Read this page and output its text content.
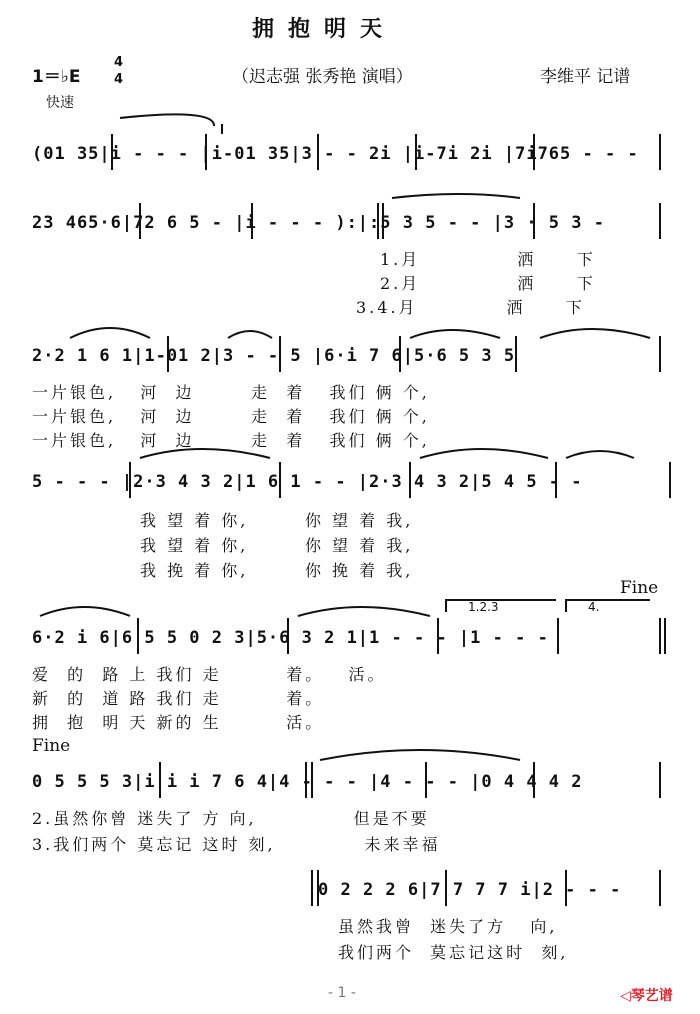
拥抱明天
1＝♭E
4
4	（迟志强 张秀艳 演唱）	李维平 记谱
快速
(01 35|i - - - |i-01 35|3 - - 2i |i-7i 2i |7i765 - - -
23 465·6|72 6 5 - |i - - - ):|:5 3 5 - - |3 · 5 3 -
1.月            洒     下
2.月            洒     下
3.4.月           洒     下
2·2 1 6 1|1-01 2|3 - - 5 |6·i 7 6|5·6 5 3 5
一片银色,   河  边       走  着   我们 俩 个,
一片银色,   河  边       走  着   我们 俩 个,
一片银色,   河  边       走  着   我们 俩 个,
5 - - - |2·3 4 3 2|1 6 1 - - |2·3 4 3 2|5 4 5 - -
我 望 着 你,       你 望 着 我,
我 望 着 你,       你 望 着 我,
我 挽 着 你,       你 挽 着 我,
Fine
1.2.3	4.
6·2 i 6|6 5 5 0 2 3|5·6 3 2 1|1 - - - |1 - - -
爱  的  路 上 我们 走        着。   活。
新  的  道 路 我们 走        着。
拥  抱  明 天 新的 生        活。
Fine
0 5 5 5 3|i i i 7 6 4|4 - - - |4 - - - |0 4 4 4 2
2.虽然你曾 迷失了 方 向,            但是不要
3.我们两个 莫忘记 这时 刻,           未来幸福
0 2 2 2 6|7 7 7 7 i|2 - - -
虽然我曾  迷失了方   向,
我们两个  莫忘记这时  刻,
- 1 -	◁琴艺谱
